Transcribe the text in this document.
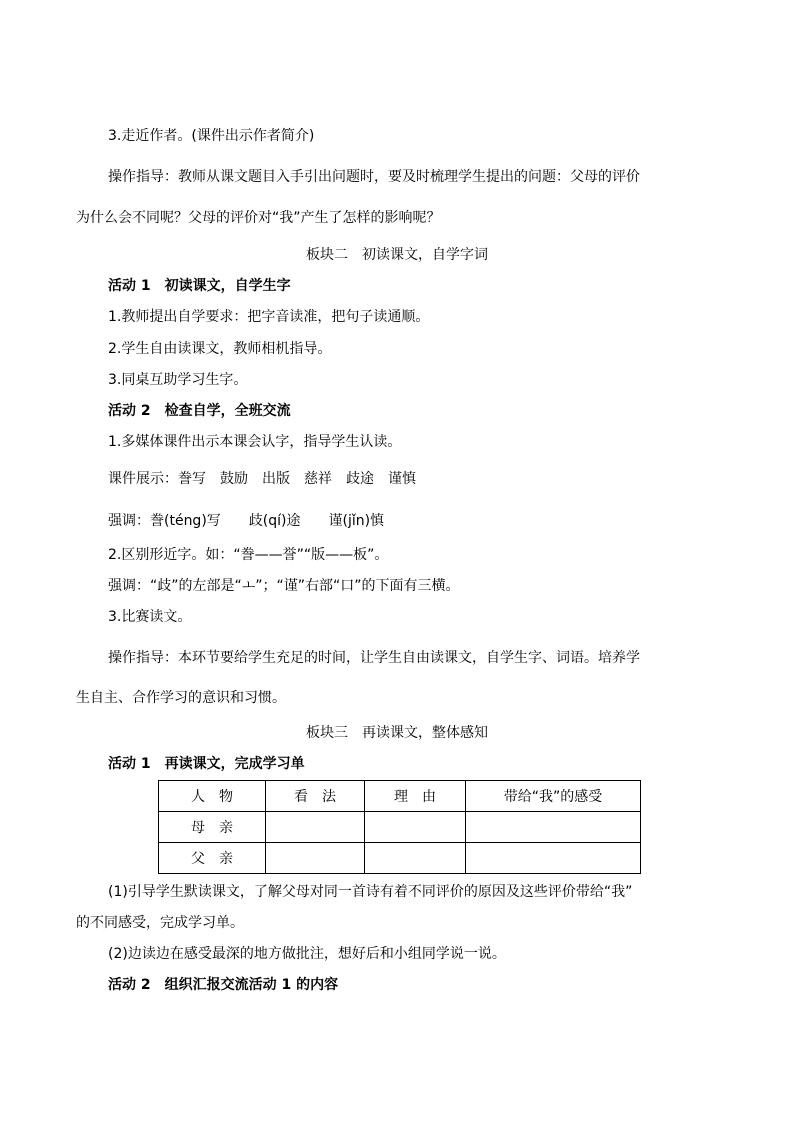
3.走近作者。(课件出示作者简介)
操作指导：教师从课文题目入手引出问题时，要及时梳理学生提出的问题：父母的评价
为什么会不同呢？父母的评价对“我”产生了怎样的影响呢？
板块二　初读课文，自学字词
活动 1　初读课文，自学生字
1.教师提出自学要求：把字音读准，把句子读通顺。
2.学生自由读课文，教师相机指导。
3.同桌互助学习生字。
活动 2　检查自学，全班交流
1.多媒体课件出示本课会认字，指导学生认读。
课件展示：誊写　鼓励　出版　慈祥　歧途　谨慎
强调：誊(téng)写　　歧(qí)途　　谨(jǐn)慎
2.区别形近字。如：“誊——誉”“版——板”。
强调：“歧”的左部是“ㅗ”；“谨”右部“口”的下面有三横。
3.比赛读文。
操作指导：本环节要给学生充足的时间，让学生自由读课文，自学生字、词语。培养学
生自主、合作学习的意识和习惯。
板块三　再读课文，整体感知
活动 1　再读课文，完成学习单
人　物	看　法	理　由	带给“我”的感受
母　亲			
父　亲			
(1)引导学生默读课文，了解父母对同一首诗有着不同评价的原因及这些评价带给“我”
的不同感受，完成学习单。
(2)边读边在感受最深的地方做批注，想好后和小组同学说一说。
活动 2　组织汇报交流活动 1 的内容
